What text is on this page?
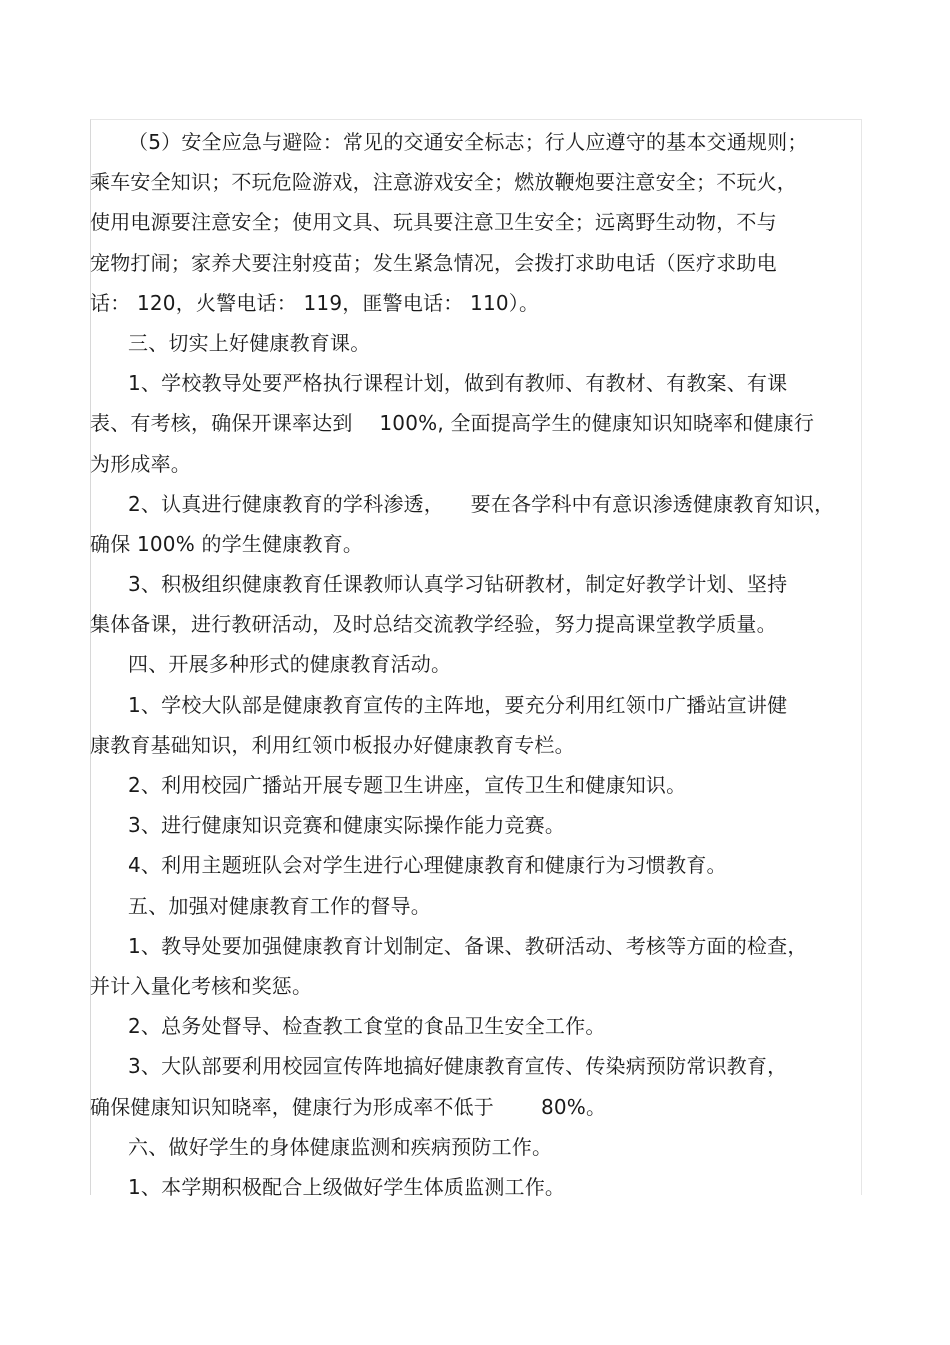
（5）安全应急与避险：常见的交通安全标志；行人应遵守的基本交通规则；
乘车安全知识；不玩危险游戏，注意游戏安全；燃放鞭炮要注意安全；不玩火，
使用电源要注意安全；使用文具、玩具要注意卫生安全；远离野生动物，不与
宠物打闹；家养犬要注射疫苗；发生紧急情况，会拨打求助电话（医疗求助电
话： 120，火警电话： 119，匪警电话： 110）。
三、切实上好健康教育课。
1、学校教导处要严格执行课程计划，做到有教师、有教材、有教案、有课
表、有考核，确保开课率达到 　100%, 全面提高学生的健康知识知晓率和健康行
为形成率。
2、认真进行健康教育的学科渗透， 　要在各学科中有意识渗透健康教育知识，
确保 100% 的学生健康教育。
3、积极组织健康教育任课教师认真学习钻研教材，制定好教学计划、坚持
集体备课，进行教研活动，及时总结交流教学经验，努力提高课堂教学质量。
四、开展多种形式的健康教育活动。
1、学校大队部是健康教育宣传的主阵地，要充分利用红领巾广播站宣讲健
康教育基础知识，利用红领巾板报办好健康教育专栏。
2、利用校园广播站开展专题卫生讲座，宣传卫生和健康知识。
3、进行健康知识竞赛和健康实际操作能力竞赛。
4、利用主题班队会对学生进行心理健康教育和健康行为习惯教育。
五、加强对健康教育工作的督导。
1、教导处要加强健康教育计划制定、备课、教研活动、考核等方面的检查，
并计入量化考核和奖惩。
2、总务处督导、检查教工食堂的食品卫生安全工作。
3、大队部要利用校园宣传阵地搞好健康教育宣传、传染病预防常识教育，
确保健康知识知晓率，健康行为形成率不低于 　　80%。
六、做好学生的身体健康监测和疾病预防工作。
1、本学期积极配合上级做好学生体质监测工作。
